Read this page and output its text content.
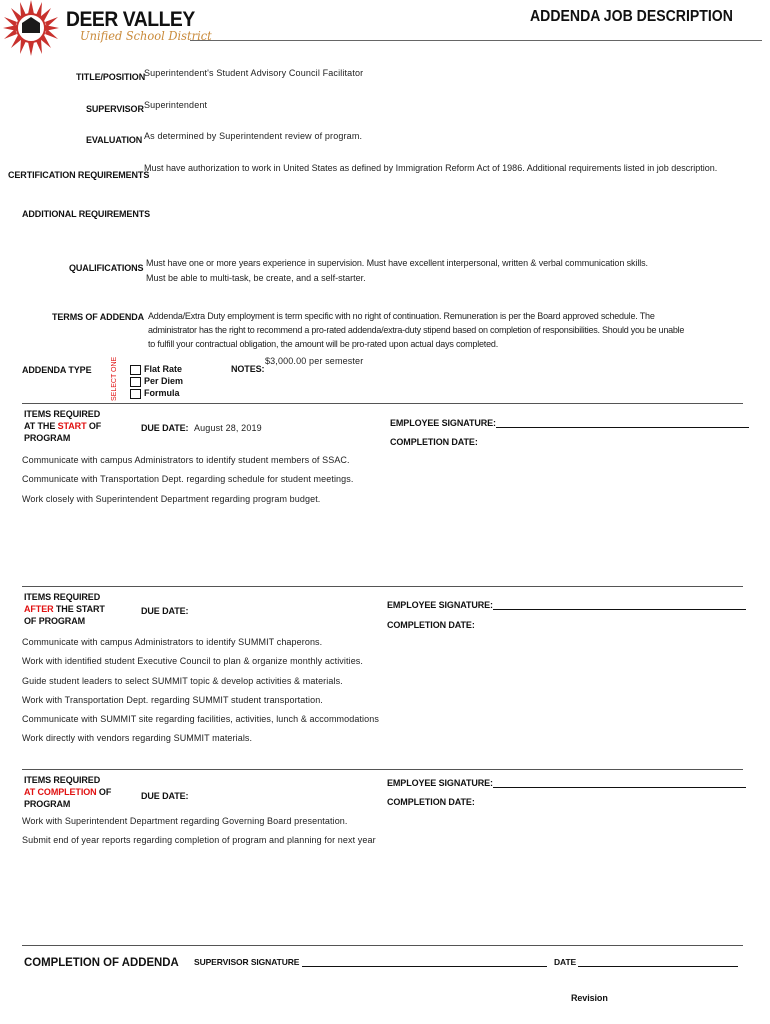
DEER VALLEY
Unified School District
ADDENDA JOB DESCRIPTION
TITLE/POSITION
Superintendent's Student Advisory Council Facilitator
SUPERVISOR Superintendent
EVALUATION As determined by Superintendent review of program.
CERTIFICATION REQUIREMENTS
Must have authorization to work in United States as defined by Immigration Reform Act of 1986. Additional requirements listed in job description.
ADDITIONAL REQUIREMENTS
QUALIFICATIONS Must have one or more years experience in supervision. Must have excellent interpersonal, written & verbal communication skills.
Must be able to multi-task, be create, and a self-starter.
TERMS OF ADDENDA Addenda/Extra Duty employment is term specific with no right of continuation. Remuneration is per the Board approved schedule. The
administrator has the right to recommend a pro-rated addenda/extra-duty stipend based on completion of responsibilities. Should you be unable
to fulfill your contractual obligation, the amount will be pro-rated upon actual days completed.
ADDENDA TYPE	SELECT ONE	Flat Rate
Per Diem
Formula
NOTES:
$3,000.00 per semester
ITEMS REQUIRED
AT THE START OF
PROGRAM
DUE DATE: August 28, 2019	EMPLOYEE SIGNATURE:
COMPLETION DATE:
Communicate with campus Administrators to identify student members of SSAC.
Communicate with Transportation Dept. regarding schedule for student meetings.
Work closely with Superintendent Department regarding program budget.
ITEMS REQUIRED
AFTER THE START
OF PROGRAM
DUE DATE:
EMPLOYEE SIGNATURE:
COMPLETION DATE:
Communicate with campus Administrators to identify SUMMIT chaperons.
Work with identified student Executive Council to plan & organize monthly activities.
Guide student leaders to select SUMMIT topic & develop activities & materials.
Work with Transportation Dept. regarding SUMMIT student transportation.
Communicate with SUMMIT site regarding facilities, activities, lunch & accommodations
Work directly with vendors regarding SUMMIT materials.
ITEMS REQUIRED
AT COMPLETION OF
PROGRAM
DUE DATE:
EMPLOYEE SIGNATURE:
COMPLETION DATE:
Work with Superintendent Department regarding Governing Board presentation.
Submit end of year reports regarding completion of program and planning for next year
COMPLETION OF ADDENDA SUPERVISOR SIGNATURE	DATE
Revision
